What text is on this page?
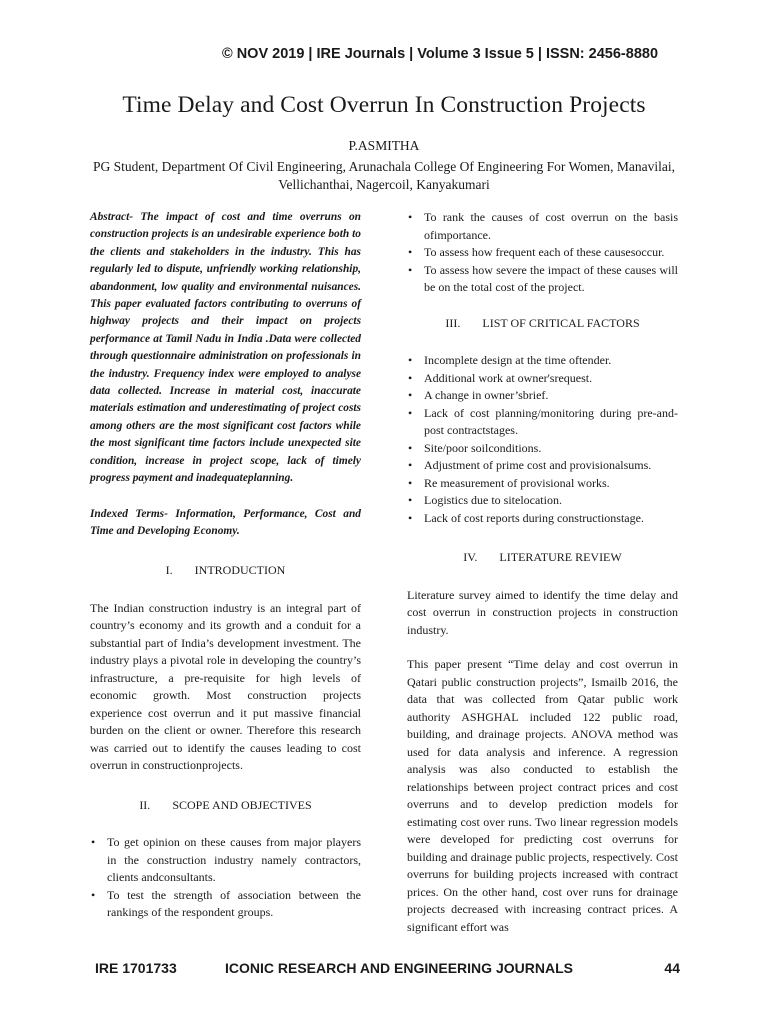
© NOV 2019 | IRE Journals | Volume 3 Issue 5 | ISSN: 2456-8880
Time Delay and Cost Overrun In Construction Projects
P.ASMITHA
PG Student, Department Of Civil Engineering, Arunachala College Of Engineering For Women, Manavilai, Vellichanthai, Nagercoil, Kanyakumari

Abstract- The impact of cost and time overruns on construction projects is an undesirable experience both to the clients and stakeholders in the industry. This has regularly led to dispute, unfriendly working relationship, abandonment, low quality and environmental nuisances. This paper evaluated factors contributing to overruns of highway projects and their impact on projects performance at Tamil Nadu in India .Data were collected through questionnaire administration on professionals in the industry. Frequency index were employed to analyse data collected. Increase in material cost, inaccurate materials estimation and underestimating of project costs among others are the most significant cost factors while the most significant time factors include unexpected site condition, increase in project scope, lack of timely progress payment and inadequateplanning.

Indexed Terms- Information, Performance, Cost and Time and Developing Economy.

I. INTRODUCTION

The Indian construction industry is an integral part of country’s economy and its growth and a conduit for a substantial part of India’s development investment. The industry plays a pivotal role in developing the country’s infrastructure, a pre-requisite for high levels of economic growth. Most construction projects experience cost overrun and it put massive financial burden on the client or owner. Therefore this research was carried out to identify the causes leading to cost overrun in constructionprojects.

II. SCOPE AND OBJECTIVES
• To get opinion on these causes from major players in the construction industry namely contractors, clients andconsultants.
• To test the strength of association between the rankings of the respondent groups.
• To rank the causes of cost overrun on the basis ofimportance.
• To assess how frequent each of these causesoccur.
• To assess how severe the impact of these causes will be on the total cost of the project.
III. LIST OF CRITICAL FACTORS
• Incomplete design at the time oftender.
• Additional work at owner'srequest.
• A change in owner’sbrief.
• Lack of cost planning/monitoring during pre-and-post contractstages.
• Site/poor soilconditions.
• Adjustment of prime cost and provisionalsums.
• Re measurement of provisional works.
• Logistics due to sitelocation.
• Lack of cost reports during constructionstage.
IV. LITERATURE REVIEW

Literature survey aimed to identify the time delay and cost overrun in construction projects in construction industry.

This paper present “Time delay and cost overrun in Qatari public construction projects”, Ismailb 2016, the data that was collected from Qatar public work authority ASHGHAL included 122 public road, building, and drainage projects. ANOVA method was used for data analysis and inference. A regression analysis was also conducted to establish the relationships between project contract prices and cost overruns and to develop prediction models for estimating cost over runs. Two linear regression models were developed for predicting cost overruns for building and drainage public projects, respectively. Cost overruns for building projects increased with contract prices. On the other hand, cost over runs for drainage projects decreased with increasing contract prices. A significant effort was

IRE 1701733	ICONIC RESEARCH AND ENGINEERING JOURNALS	44
